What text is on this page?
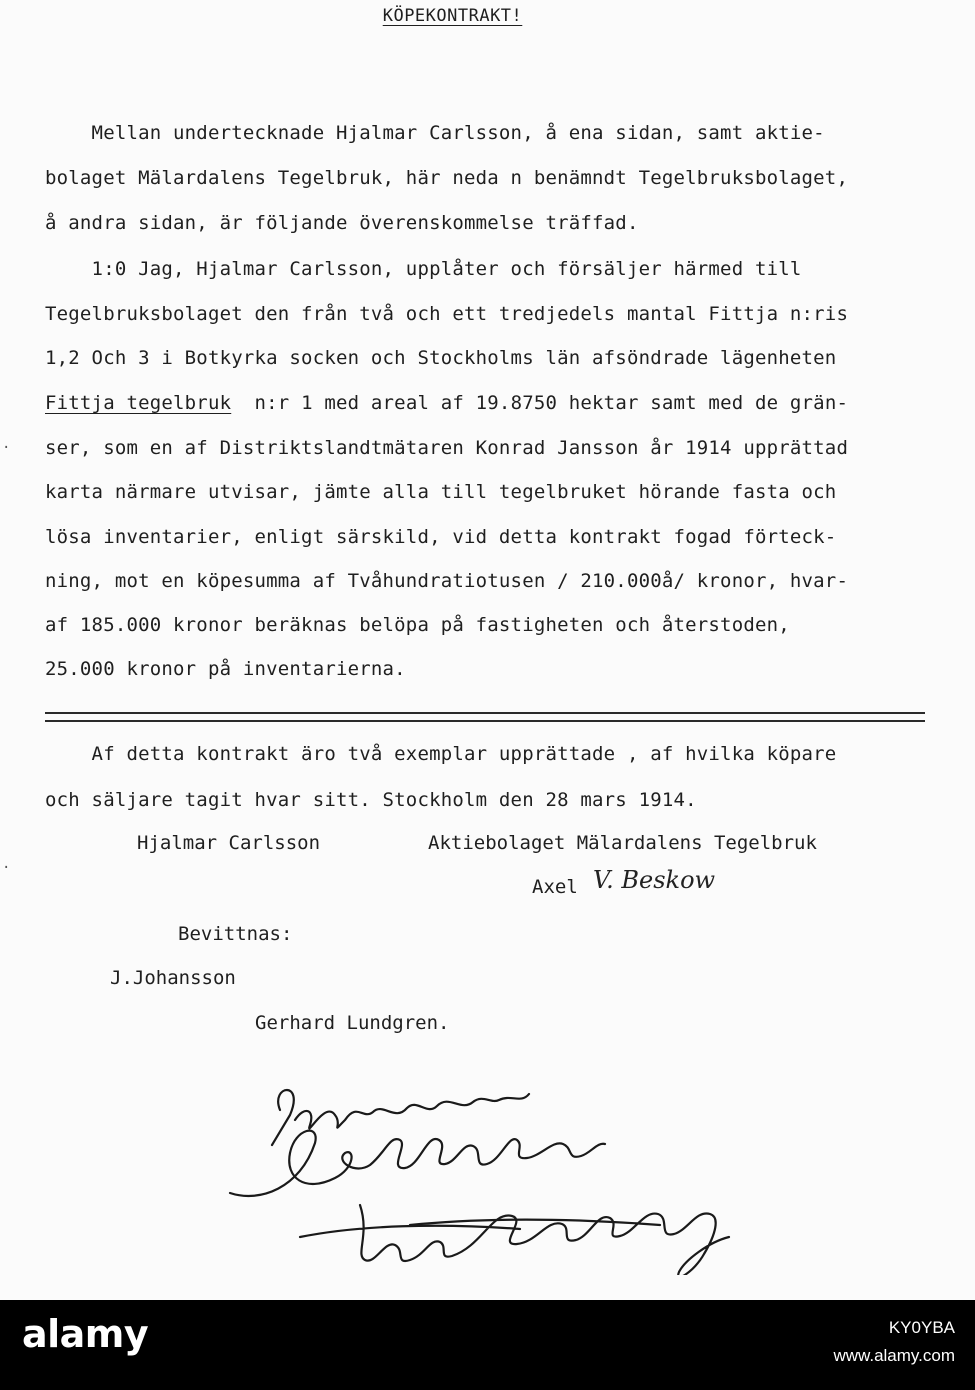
KÖPEKONTRAKT!
Mellan undertecknade Hjalmar Carlsson, å ena sidan, samt aktie-
bolaget Mälardalens Tegelbruk, här neda n benämndt Tegelbruksbolaget,
å andra sidan, är följande överenskommelse träffad.
1:0 Jag, Hjalmar Carlsson, upplåter och försäljer härmed till
Tegelbruksbolaget den från två och ett tredjedels mantal Fittja n:ris
1,2 Och 3 i Botkyrka socken och Stockholms län afsöndrade lägenheten
Fittja tegelbruk  n:r 1 med areal af 19.8750 hektar samt med de grän-
ser, som en af Distriktslandtmätaren Konrad Jansson år 1914 upprättad
karta närmare utvisar, jämte alla till tegelbruket hörande fasta och
lösa inventarier, enligt särskild, vid detta kontrakt fogad förteck-
ning, mot en köpesumma af Tvåhundratiotusen / 210.000å/ kronor, hvar-
af 185.000 kronor beräknas belöpa på fastigheten och återstoden,
25.000 kronor på inventarierna.
Af detta kontrakt äro två exemplar upprättade , af hvilka köpare
och säljare tagit hvar sitt. Stockholm den 28 mars 1914.
Hjalmar Carlsson	Aktiebolaget Mälardalens Tegelbruk
Axel V. Beskow
Bevittnas:
J.Johansson
Gerhard Lundgren.
·
·
alamy	KY0YBA
www.alamy.com
